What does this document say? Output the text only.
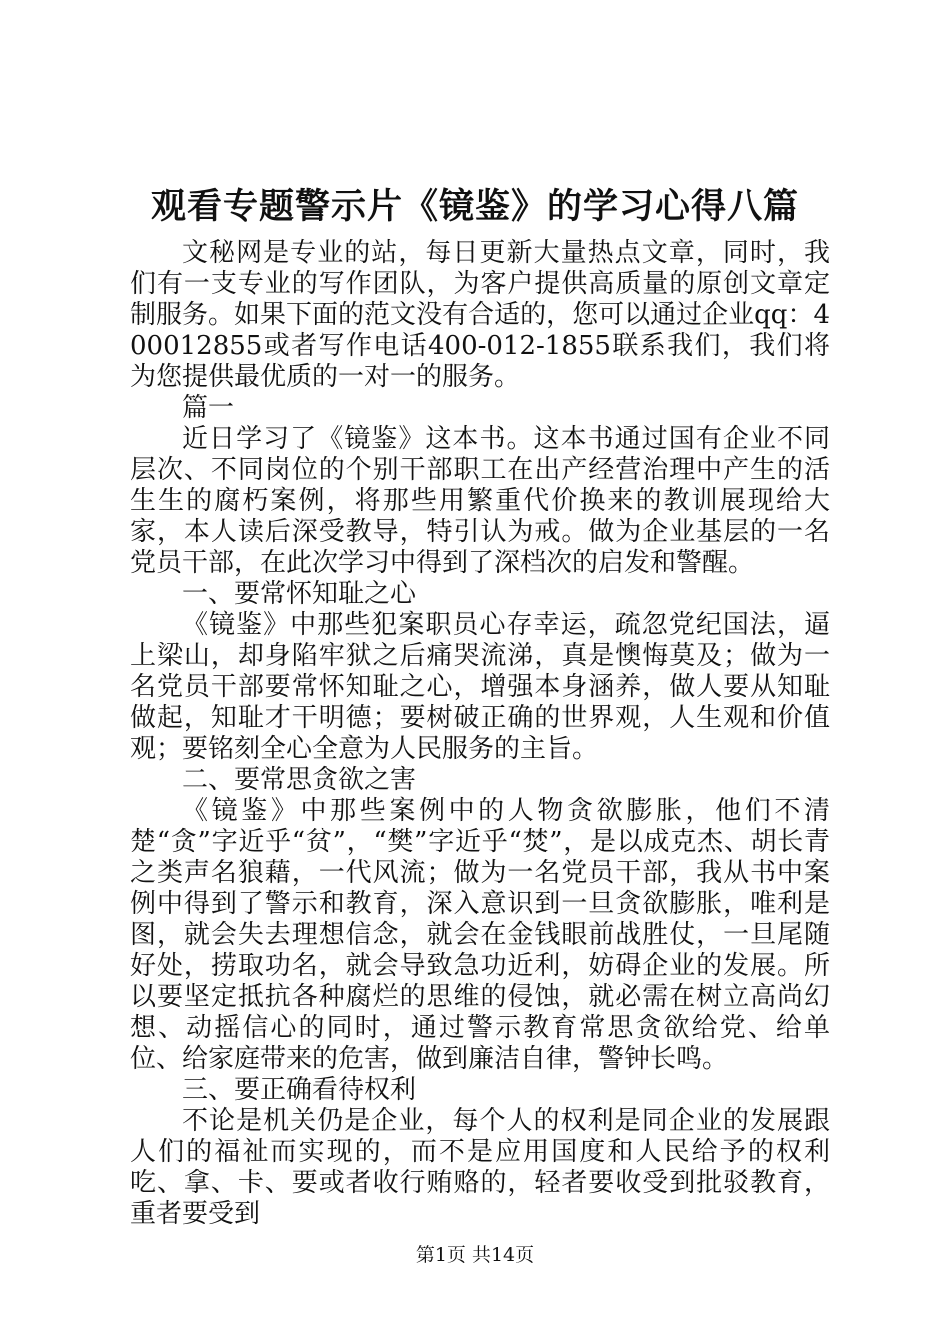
观看专题警示片《镜鉴》的学习心得八篇

文秘网是专业的站，每日更新大量热点文章，同时，我们有一支专业的写作团队，为客户提供高质量的原创文章定制服务。如果下面的范文没有合适的，您可以通过企业qq：400012855或者写作电话400-012-1855联系我们，我们将为您提供最优质的一对一的服务。

篇一

近日学习了《镜鉴》这本书。这本书通过国有企业不同层次、不同岗位的个别干部职工在出产经营治理中产生的活生生的腐朽案例，将那些用繁重代价换来的教训展现给大家，本人读后深受教导，特引认为戒。做为企业基层的一名党员干部，在此次学习中得到了深档次的启发和警醒。

一、要常怀知耻之心

《镜鉴》中那些犯案职员心存幸运，疏忽党纪国法，逼上梁山，却身陷牢狱之后痛哭流涕，真是懊悔莫及；做为一名党员干部要常怀知耻之心，增强本身涵养，做人要从知耻做起，知耻才干明德；要树破正确的世界观，人生观和价值观；要铭刻全心全意为人民服务的主旨。

二、要常思贪欲之害

《镜鉴》中那些案例中的人物贪欲膨胀，他们不清楚“贪”字近乎“贫”，“樊”字近乎“焚”，是以成克杰、胡长青之类声名狼藉，一代风流；做为一名党员干部，我从书中案例中得到了警示和教育，深入意识到一旦贪欲膨胀，唯利是图，就会失去理想信念，就会在金钱眼前战胜仗，一旦尾随好处，捞取功名，就会导致急功近利，妨碍企业的发展。所以要坚定抵抗各种腐烂的思维的侵蚀，就必需在树立高尚幻想、动摇信心的同时，通过警示教育常思贪欲给党、给单位、给家庭带来的危害，做到廉洁自律，警钟长鸣。

三、要正确看待权利

不论是机关仍是企业，每个人的权利是同企业的发展跟人们的福祉而实现的，而不是应用国度和人民给予的权利吃、拿、卡、要或者收行贿赂的，轻者要收受到批驳教育，重者要受到

第1页 共14页
